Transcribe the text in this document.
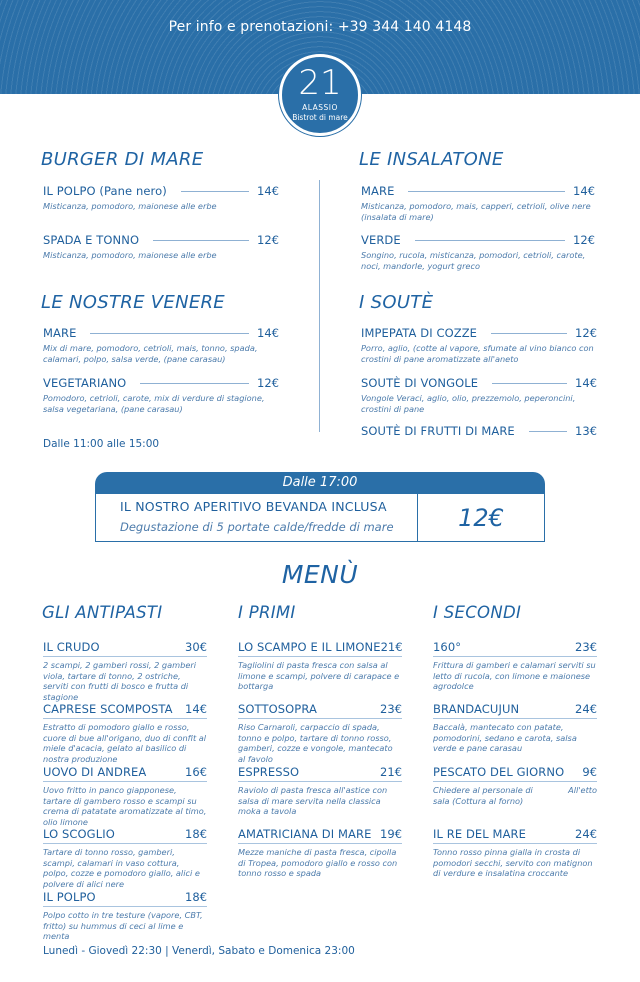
Per info e prenotazioni: +39 344 140 4148
21
ALASSIO
Bistrot di mare
BURGER DI MARE
IL POLPO (Pane nero)	14€
Misticanza, pomodoro, maionese alle erbe
SPADA E TONNO	12€
Misticanza, pomodoro, maionese alle erbe
LE INSALATONE
MARE	14€
Misticanza, pomodoro, mais, capperi, cetrioli, olive nere (insalata di mare)
VERDE	12€
Songino, rucola, misticanza, pomodori, cetrioli, carote, noci, mandorle, yogurt greco
LE NOSTRE VENERE
MARE	14€
Mix di mare, pomodoro, cetrioli, mais, tonno, spada, calamari, polpo, salsa verde, (pane carasau)
VEGETARIANO	12€
Pomodoro, cetrioli, carote, mix di verdure di stagione, salsa vegetariana, (pane carasau)
Dalle 11:00 alle 15:00
I SOUTÈ
IMPEPATA DI COZZE	12€
Porro, aglio, (cotte al vapore, sfumate al vino bianco con crostini di pane aromatizzate all'aneto
SOUTÈ DI VONGOLE	14€
Vongole Veraci, aglio, olio, prezzemolo, peperoncini, crostini di pane
SOUTÈ DI FRUTTI DI MARE	13€
Dalle 17:00
IL NOSTRO APERITIVO BEVANDA INCLUSA
Degustazione di 5 portate calde/fredde di mare	12€
MENÙ
GLI ANTIPASTI
IL CRUDO	30€
2 scampi, 2 gamberi rossi, 2 gamberi viola, tartare di tonno, 2 ostriche, serviti con frutti di bosco e frutta di stagione
CAPRESE SCOMPOSTA 14€
Estratto di pomodoro giallo e rosso, cuore di bue all'origano, duo di confit al miele d'acacia, gelato al basilico di nostra produzione
UOVO DI ANDREA	16€
Uovo fritto in panco giapponese, tartare di gambero rosso e scampi su crema di patatate aromatizzate al timo, olio limone
LO SCOGLIO	18€
Tartare di tonno rosso, gamberi, scampi, calamari in vaso cottura, polpo, cozze e pomodoro giallo, alici e polvere di alici nere
IL POLPO	18€
Polpo cotto in tre testure (vapore, CBT, fritto) su hummus di ceci al lime e menta
I PRIMI
LO SCAMPO E IL LIMONE 21€
Tagliolini di pasta fresca con salsa al limone e scampi, polvere di carapace e bottarga
SOTTOSOPRA	23€
Riso Carnaroli, carpaccio di spada, tonno e polpo, tartare di tonno rosso, gamberi, cozze e vongole, mantecato al favolo
ESPRESSO	21€
Raviolo di pasta fresca all'astice con salsa di mare servita nella classica moka a tavola
AMATRICIANA DI MARE 19€
Mezze maniche di pasta fresca, cipolla di Tropea, pomodoro giallo e rosso con tonno rosso e spada
I SECONDI
160°	23€
Frittura di gamberi e calamari serviti su letto di rucola, con limone e maionese agrodolce
BRANDACUJUN	24€
Baccalà, mantecato con patate, pomodorini, sedano e carota, salsa verde e pane carasau
PESCATO DEL GIORNO 9€
Chiedere al personale di sala (Cottura al forno)
All'etto
IL RE DEL MARE	24€
Tonno rosso pinna gialla in crosta di pomodori secchi, servito con matignon di verdure e insalatina croccante
Lunedì - Giovedì 22:30 | Venerdì, Sabato e Domenica 23:00
